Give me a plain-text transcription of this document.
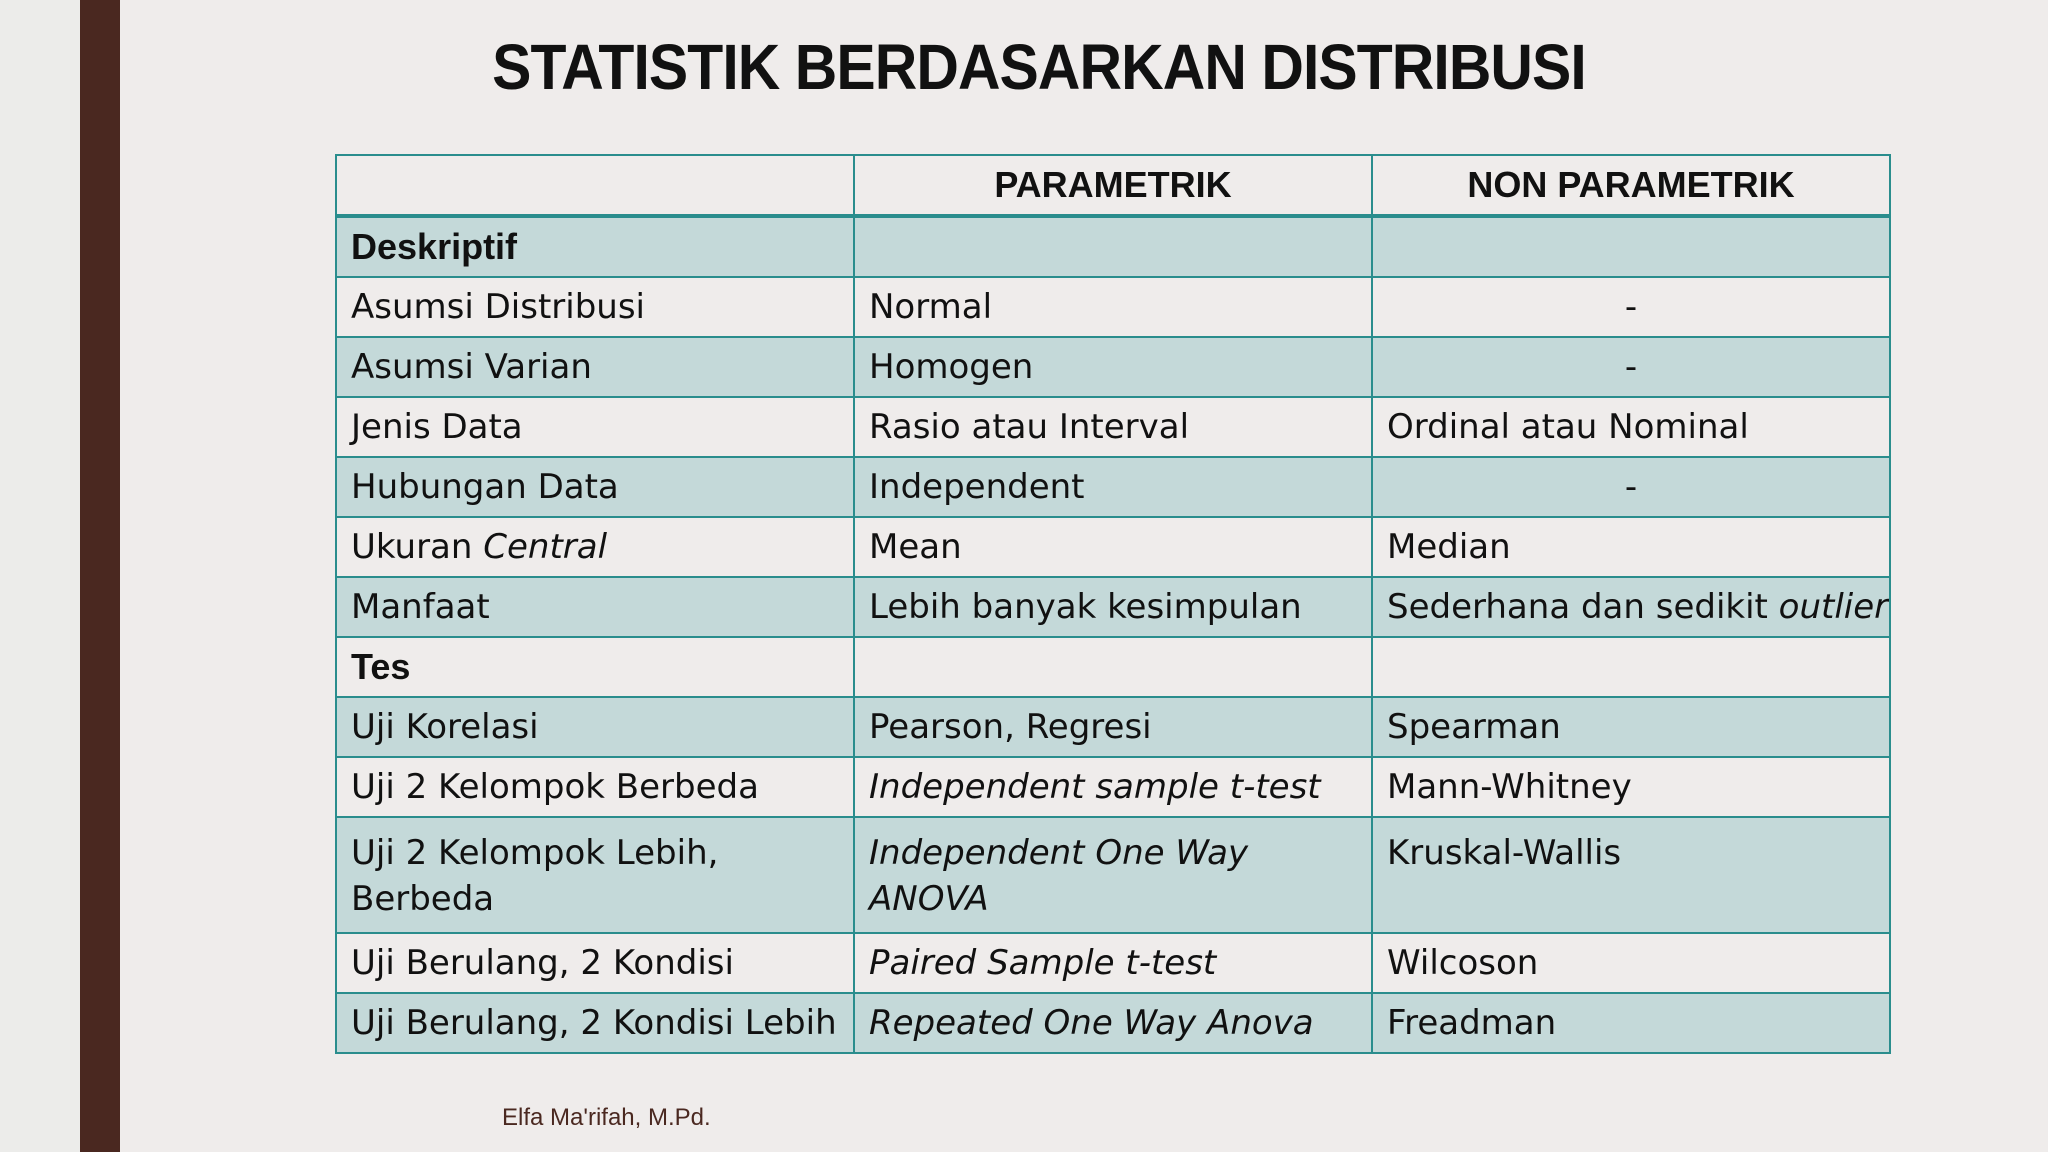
STATISTIK BERDASARKAN DISTRIBUSI
	PARAMETRIK	NON PARAMETRIK
Deskriptif		
Asumsi Distribusi	Normal	-
Asumsi Varian	Homogen	-
Jenis Data	Rasio atau Interval	Ordinal atau Nominal
Hubungan Data	Independent	-
Ukuran Central	Mean	Median
Manfaat	Lebih banyak kesimpulan	Sederhana dan sedikit outlier
Tes		
Uji Korelasi	Pearson, Regresi	Spearman
Uji 2 Kelompok Berbeda	Independent sample t-test	Mann-Whitney
Uji 2 Kelompok Lebih, Berbeda	Independent One Way ANOVA	Kruskal-Wallis
Uji Berulang, 2 Kondisi	Paired Sample t-test	Wilcoson
Uji Berulang, 2 Kondisi Lebih	Repeated One Way Anova	Freadman
Elfa Ma'rifah, M.Pd.
